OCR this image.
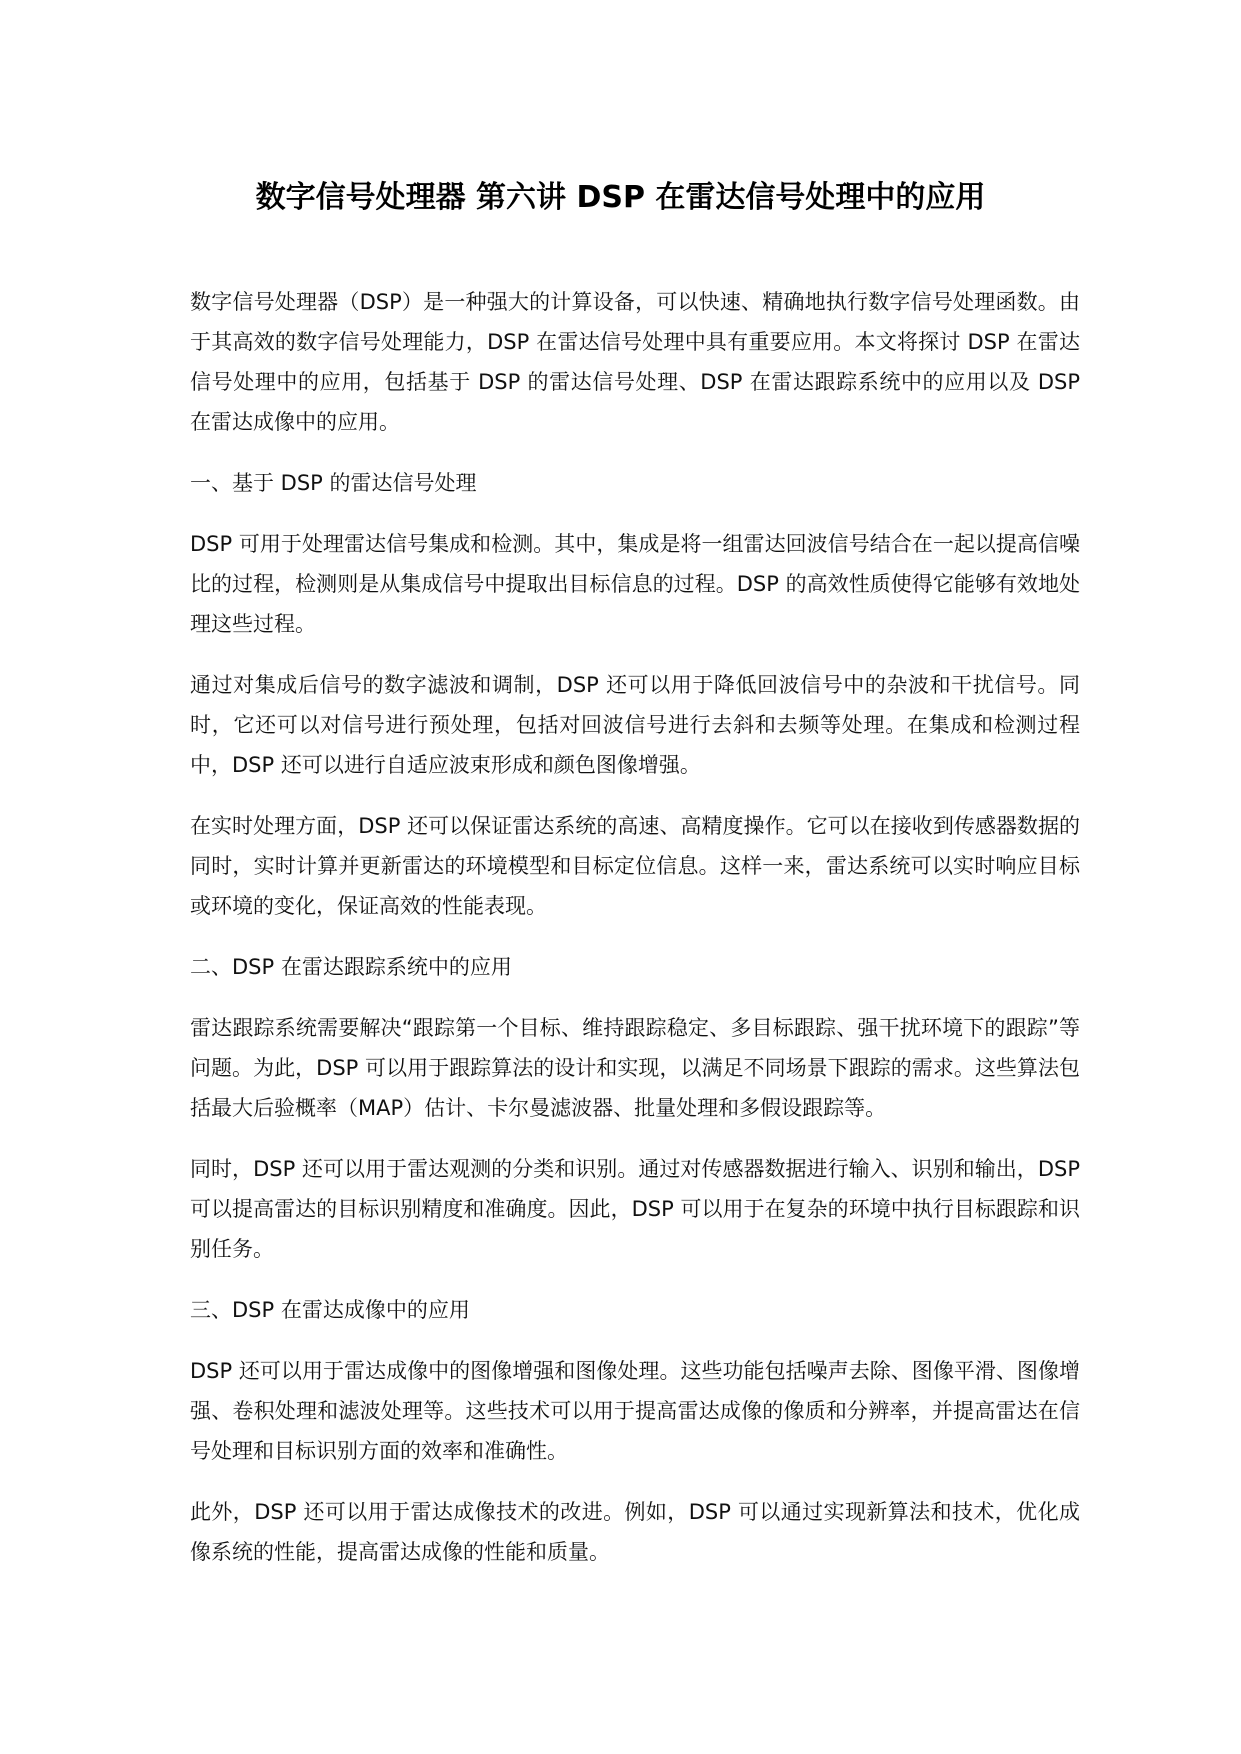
数字信号处理器 第六讲 DSP 在雷达信号处理中的应用

数字信号处理器（DSP）是一种强大的计算设备，可以快速、精确地执行数字信号处理函数。由于其高效的数字信号处理能力，DSP 在雷达信号处理中具有重要应用。本文将探讨 DSP 在雷达信号处理中的应用，包括基于 DSP 的雷达信号处理、DSP 在雷达跟踪系统中的应用以及 DSP 在雷达成像中的应用。

一、基于 DSP 的雷达信号处理

DSP 可用于处理雷达信号集成和检测。其中，集成是将一组雷达回波信号结合在一起以提高信噪比的过程，检测则是从集成信号中提取出目标信息的过程。DSP 的高效性质使得它能够有效地处理这些过程。

通过对集成后信号的数字滤波和调制，DSP 还可以用于降低回波信号中的杂波和干扰信号。同时，它还可以对信号进行预处理，包括对回波信号进行去斜和去频等处理。在集成和检测过程中，DSP 还可以进行自适应波束形成和颜色图像增强。

在实时处理方面，DSP 还可以保证雷达系统的高速、高精度操作。它可以在接收到传感器数据的同时，实时计算并更新雷达的环境模型和目标定位信息。这样一来，雷达系统可以实时响应目标或环境的变化，保证高效的性能表现。

二、DSP 在雷达跟踪系统中的应用

雷达跟踪系统需要解决“跟踪第一个目标、维持跟踪稳定、多目标跟踪、强干扰环境下的跟踪”等问题。为此，DSP 可以用于跟踪算法的设计和实现，以满足不同场景下跟踪的需求。这些算法包括最大后验概率（MAP）估计、卡尔曼滤波器、批量处理和多假设跟踪等。

同时，DSP 还可以用于雷达观测的分类和识别。通过对传感器数据进行输入、识别和输出，DSP 可以提高雷达的目标识别精度和准确度。因此，DSP 可以用于在复杂的环境中执行目标跟踪和识别任务。

三、DSP 在雷达成像中的应用

DSP 还可以用于雷达成像中的图像增强和图像处理。这些功能包括噪声去除、图像平滑、图像增强、卷积处理和滤波处理等。这些技术可以用于提高雷达成像的像质和分辨率，并提高雷达在信号处理和目标识别方面的效率和准确性。

此外，DSP 还可以用于雷达成像技术的改进。例如，DSP 可以通过实现新算法和技术，优化成像系统的性能，提高雷达成像的性能和质量。
